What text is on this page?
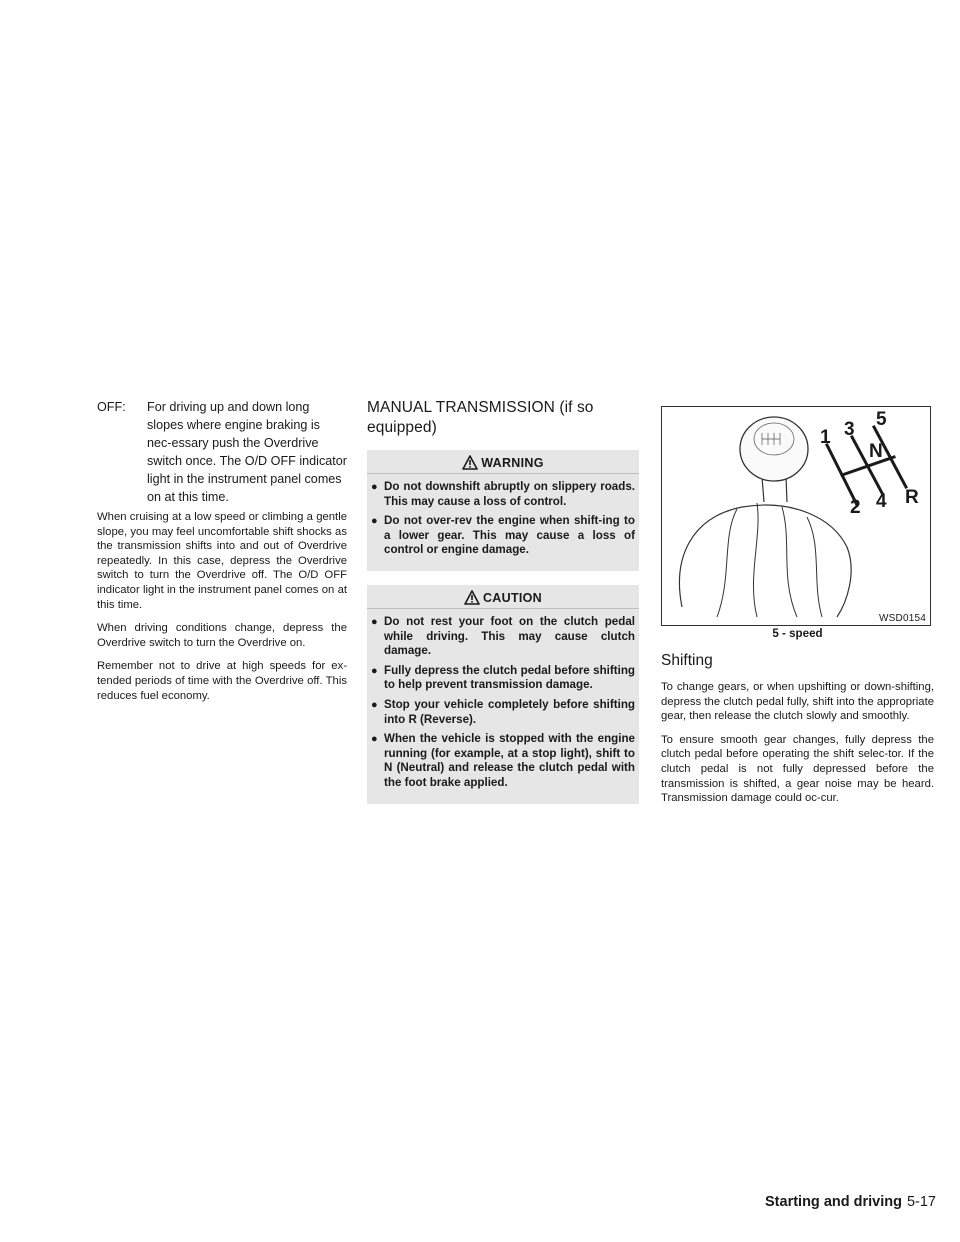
OFF:	For driving up and down long slopes where engine braking is nec-essary push the Overdrive switch once. The O/D OFF indicator light in the instrument panel comes on at this time.

When cruising at a low speed or climbing a gentle slope, you may feel uncomfortable shift shocks as the transmission shifts into and out of Overdrive repeatedly. In this case, depress the Overdrive switch to turn the Overdrive off. The O/D OFF indicator light in the instrument panel comes on at this time.

When driving conditions change, depress the Overdrive switch to turn the Overdrive on.

Remember not to drive at high speeds for ex-tended periods of time with the Overdrive off. This reduces fuel economy.

MANUAL TRANSMISSION (if so equipped)
WARNING
● Do not downshift abruptly on slippery roads. This may cause a loss of control.
● Do not over-rev the engine when shift-ing to a lower gear. This may cause a loss of control or engine damage.
CAUTION
● Do not rest your foot on the clutch pedal while driving. This may cause clutch damage.
● Fully depress the clutch pedal before shifting to help prevent transmission damage.
● Stop your vehicle completely before shifting into R (Reverse).
● When the vehicle is stopped with the engine running (for example, at a stop light), shift to N (Neutral) and release the clutch pedal with the foot brake applied.
1 3 5
N
2 4 R
WSD0154
5 - speed
Shifting

To change gears, or when upshifting or down-shifting, depress the clutch pedal fully, shift into the appropriate gear, then release the clutch slowly and smoothly.

To ensure smooth gear changes, fully depress the clutch pedal before operating the shift selec-tor. If the clutch pedal is not fully depressed before the transmission is shifted, a gear noise may be heard. Transmission damage could oc-cur.

Starting and driving 5-17
